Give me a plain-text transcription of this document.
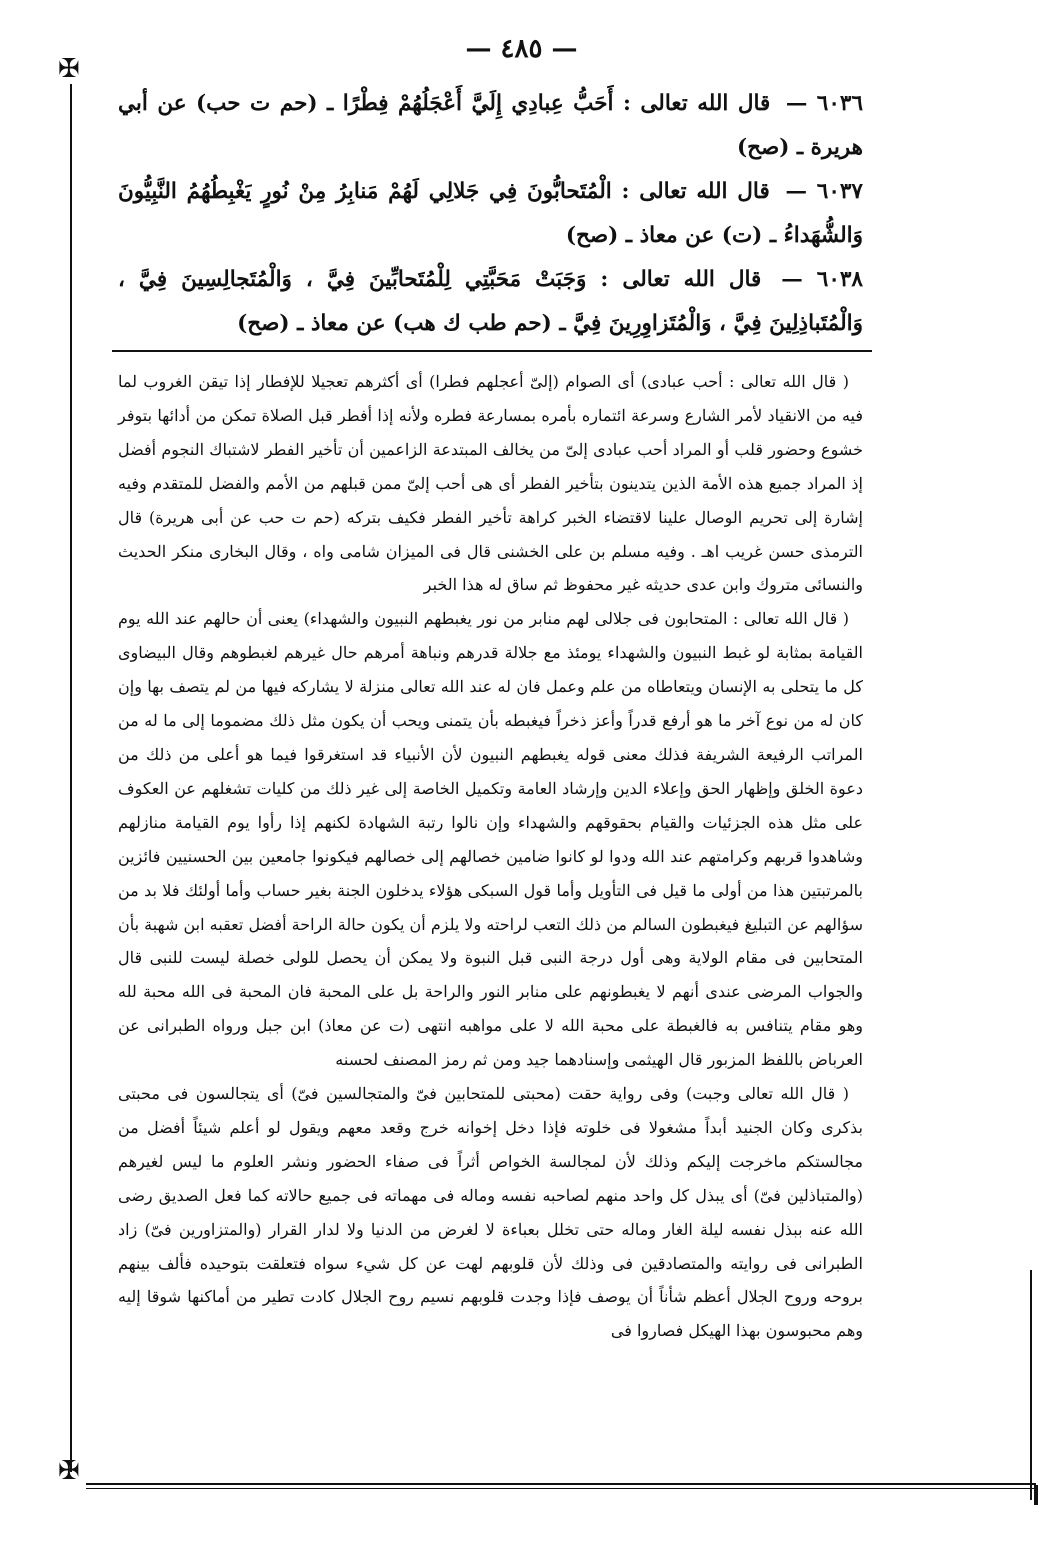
— ٤٨٥ —
✠
✠

٦٠٣٦ — قال الله تعالى : أَحَبُّ عِبادِي إِلَيَّ أَعْجَلُهُمْ فِطْرًا ـ (حم ت حب) عن أبي هريرة ـ (صح)

٦٠٣٧ — قال الله تعالى : الْمُتَحابُّونَ فِي جَلالِي لَهُمْ مَنابِرُ مِنْ نُورٍ يَغْبِطُهُمُ النَّبِيُّونَ وَالشُّهَداءُ ـ (ت) عن معاذ ـ (صح)

٦٠٣٨ — قال الله تعالى : وَجَبَتْ مَحَبَّتِي لِلْمُتَحابِّينَ فِيَّ ، وَالْمُتَجالِسِينَ فِيَّ ، وَالْمُتَباذِلِينَ فِيَّ ، وَالْمُتَزاوِرِينَ فِيَّ ـ (حم طب ك هب) عن معاذ ـ (صح)

( قال الله تعالى : أحب عبادى) أى الصوام (إلىّ أعجلهم فطرا) أى أكثرهم تعجيلا للإفطار إذا تيقن الغروب لما فيه من الانقياد لأمر الشارع وسرعة ائتماره بأمره بمسارعة فطره ولأنه إذا أفطر قبل الصلاة تمكن من أدائها بتوفر خشوع وحضور قلب أو المراد أحب عبادى إلىّ من يخالف المبتدعة الزاعمين أن تأخير الفطر لاشتباك النجوم أفضل إذ المراد جميع هذه الأمة الذين يتدينون بتأخير الفطر أى هى أحب إلىّ ممن قبلهم من الأمم والفضل للمتقدم وفيه إشارة إلى تحريم الوصال علينا لاقتضاء الخبر كراهة تأخير الفطر فكيف بتركه (حم ت حب عن أبى هريرة) قال الترمذى حسن غريب اهـ . وفيه مسلم بن على الخشنى قال فى الميزان شامى واه ، وقال البخارى منكر الحديث والنسائى متروك وابن عدى حديثه غير محفوظ ثم ساق له هذا الخبر

( قال الله تعالى : المتحابون فى جلالى لهم منابر من نور يغبطهم النبيون والشهداء) يعنى أن حالهم عند الله يوم القيامة بمثابة لو غبط النبيون والشهداء يومئذ مع جلالة قدرهم ونباهة أمرهم حال غيرهم لغبطوهم وقال البيضاوى كل ما يتحلى به الإنسان ويتعاطاه من علم وعمل فان له عند الله تعالى منزلة لا يشاركه فيها من لم يتصف بها وإن كان له من نوع آخر ما هو أرفع قدراً وأعز ذخراً فيغبطه بأن يتمنى ويحب أن يكون مثل ذلك مضموما إلى ما له من المراتب الرفيعة الشريفة فذلك معنى قوله يغبطهم النبيون لأن الأنبياء قد استغرقوا فيما هو أعلى من ذلك من دعوة الخلق وإظهار الحق وإعلاء الدين وإرشاد العامة وتكميل الخاصة إلى غير ذلك من كليات تشغلهم عن العكوف على مثل هذه الجزئيات والقيام بحقوقهم والشهداء وإن نالوا رتبة الشهادة لكنهم إذا رأوا يوم القيامة منازلهم وشاهدوا قربهم وكرامتهم عند الله ودوا لو كانوا ضامين خصالهم إلى خصالهم فيكونوا جامعين بين الحسنيين فائزين بالمرتبتين هذا من أولى ما قيل فى التأويل وأما قول السبكى هؤلاء يدخلون الجنة بغير حساب وأما أولئك فلا بد من سؤالهم عن التبليغ فيغبطون السالم من ذلك التعب لراحته ولا يلزم أن يكون حالة الراحة أفضل تعقبه ابن شهبة بأن المتحابين فى مقام الولاية وهى أول درجة النبى قبل النبوة ولا يمكن أن يحصل للولى خصلة ليست للنبى قال والجواب المرضى عندى أنهم لا يغبطونهم على منابر النور والراحة بل على المحبة فان المحبة فى الله محبة لله وهو مقام يتنافس به فالغبطة على محبة الله لا على مواهبه انتهى (ت عن معاذ) ابن جبل ورواه الطبرانى عن العرباض باللفظ المزبور قال الهيثمى وإسنادهما جيد ومن ثم رمز المصنف لحسنه

( قال الله تعالى وجبت) وفى رواية حقت (محبتى للمتحابين فىّ والمتجالسين فىّ) أى يتجالسون فى محبتى بذكرى وكان الجنيد أبداً مشغولا فى خلوته فإذا دخل إخوانه خرج وقعد معهم ويقول لو أعلم شيئاً أفضل من مجالستكم ماخرجت إليكم وذلك لأن لمجالسة الخواص أثراً فى صفاء الحضور ونشر العلوم ما ليس لغيرهم (والمتباذلين فىّ) أى يبذل كل واحد منهم لصاحبه نفسه وماله فى مهماته فى جميع حالاته كما فعل الصديق رضى الله عنه ببذل نفسه ليلة الغار وماله حتى تخلل بعباءة لا لغرض من الدنيا ولا لدار القرار (والمتزاورين فىّ) زاد الطبرانى فى روايته والمتصادقين فى وذلك لأن قلوبهم لهت عن كل شيء سواه فتعلقت بتوحيده فألف بينهم بروحه وروح الجلال أعظم شأناً أن يوصف فإذا وجدت قلوبهم نسيم روح الجلال كادت تطير من أماكنها شوقا إليه وهم محبوسون بهذا الهيكل فصاروا فى
